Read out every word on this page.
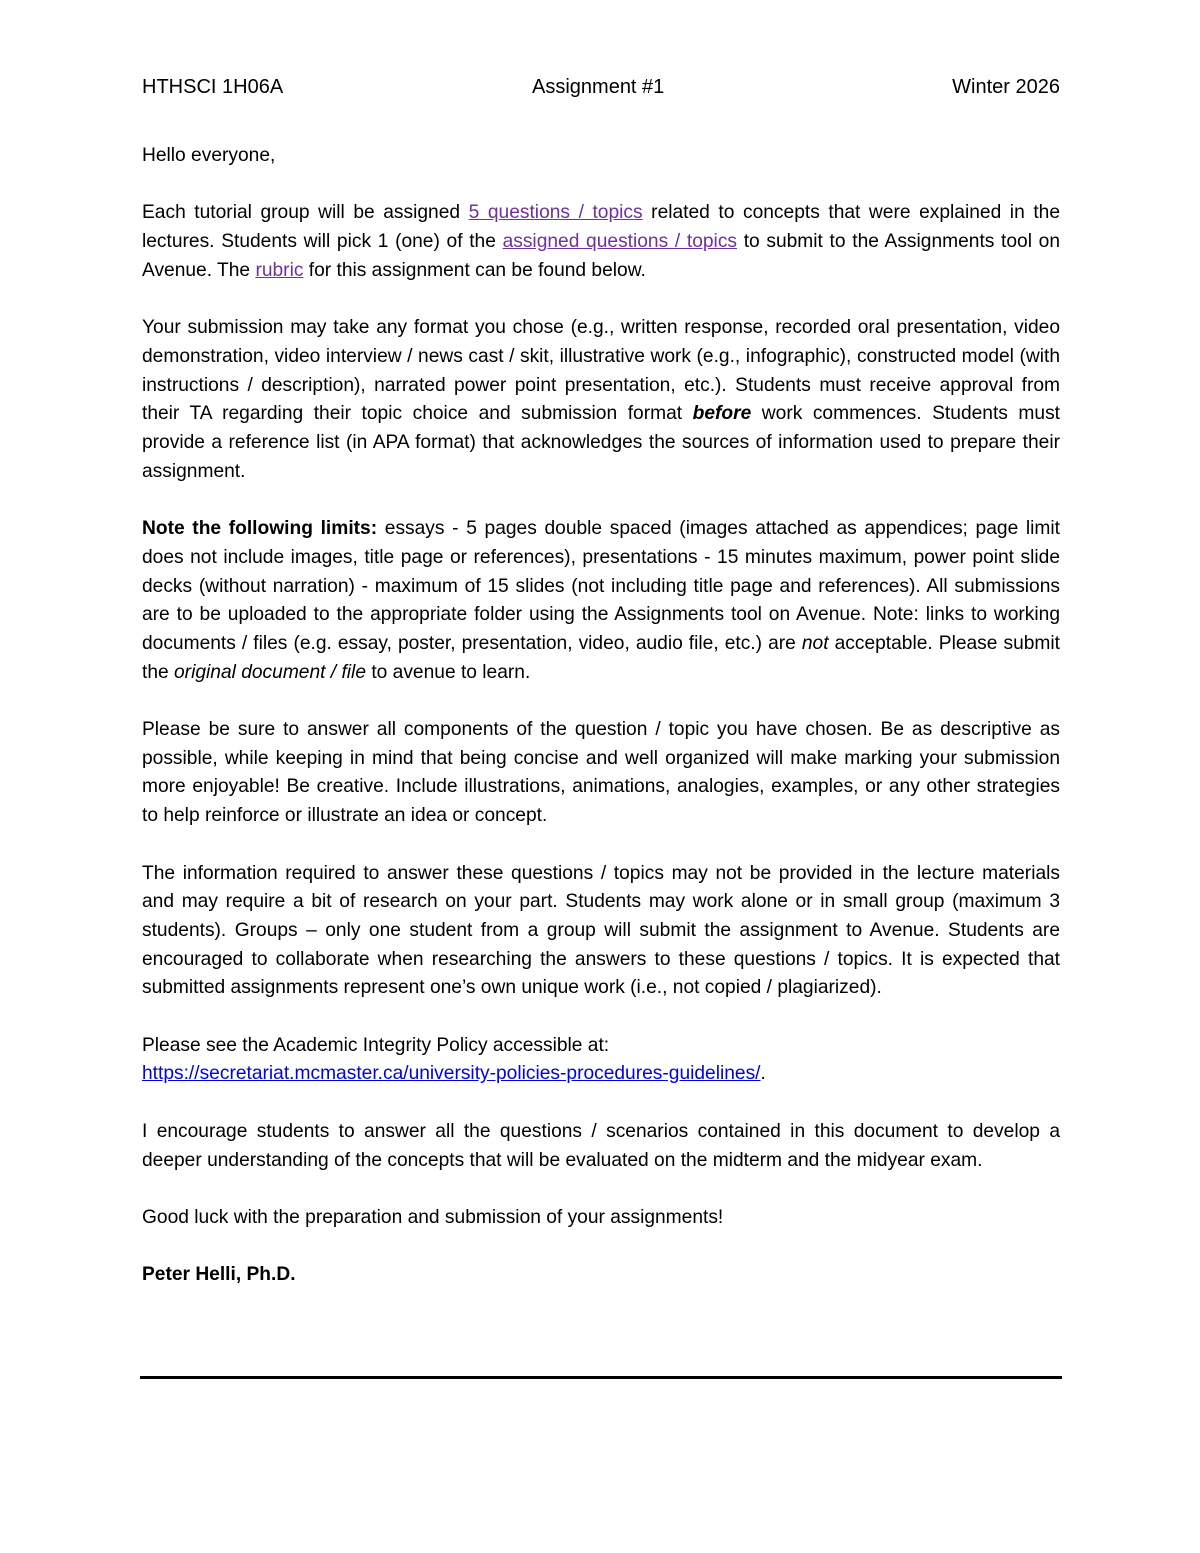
HTHSCI 1H06A	Assignment #1	Winter 2026

Hello everyone,

Each tutorial group will be assigned 5 questions / topics related to concepts that were explained in the lectures. Students will pick 1 (one) of the assigned questions / topics to submit to the Assignments tool on Avenue. The rubric for this assignment can be found below.

Your submission may take any format you chose (e.g., written response, recorded oral presentation, video demonstration, video interview / news cast / skit, illustrative work (e.g., infographic), constructed model (with instructions / description), narrated power point presentation, etc.). Students must receive approval from their TA regarding their topic choice and submission format before work commences. Students must provide a reference list (in APA format) that acknowledges the sources of information used to prepare their assignment.

Note the following limits: essays - 5 pages double spaced (images attached as appendices; page limit does not include images, title page or references), presentations - 15 minutes maximum, power point slide decks (without narration) - maximum of 15 slides (not including title page and references). All submissions are to be uploaded to the appropriate folder using the Assignments tool on Avenue. Note: links to working documents / files (e.g. essay, poster, presentation, video, audio file, etc.) are not acceptable. Please submit the original document / file to avenue to learn.

Please be sure to answer all components of the question / topic you have chosen. Be as descriptive as possible, while keeping in mind that being concise and well organized will make marking your submission more enjoyable! Be creative. Include illustrations, animations, analogies, examples, or any other strategies to help reinforce or illustrate an idea or concept.

The information required to answer these questions / topics may not be provided in the lecture materials and may require a bit of research on your part. Students may work alone or in small group (maximum 3 students). Groups – only one student from a group will submit the assignment to Avenue. Students are encouraged to collaborate when researching the answers to these questions / topics. It is expected that submitted assignments represent one’s own unique work (i.e., not copied / plagiarized).

Please see the Academic Integrity Policy accessible at:
https://secretariat.mcmaster.ca/university-policies-procedures-guidelines/.

I encourage students to answer all the questions / scenarios contained in this document to develop a deeper understanding of the concepts that will be evaluated on the midterm and the midyear exam.

Good luck with the preparation and submission of your assignments!

Peter Helli, Ph.D.
